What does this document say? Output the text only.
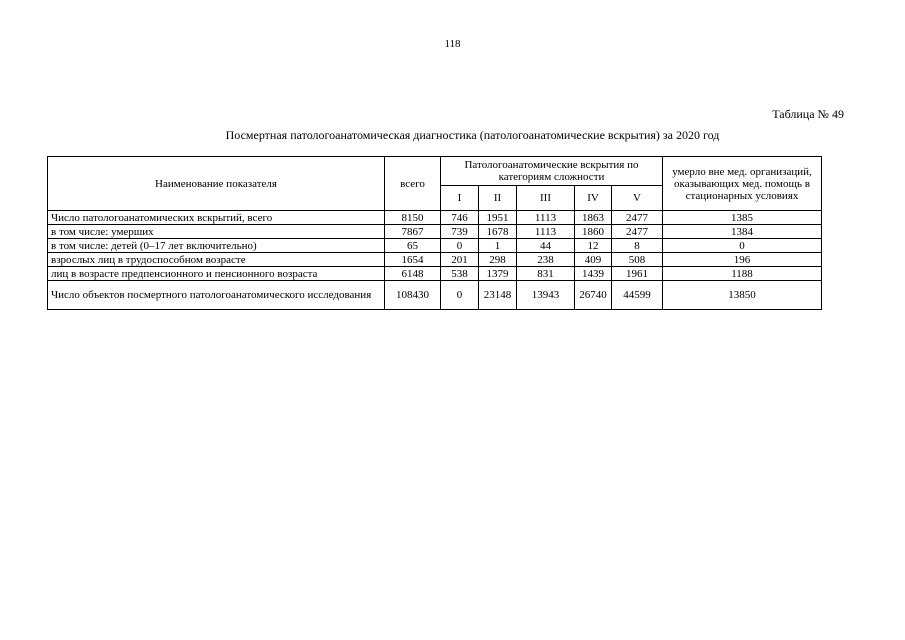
118
Таблица № 49
Посмертная патологоанатомическая диагностика (патологоанатомические вскрытия) за 2020 год
Наименование показателя	всего	Патологоанатомические вскрытия по категориям сложности					умерло вне мед. организаций, оказывающих мед. помощь в стационарных условиях
		I	II	III	IV	V	
Число патологоанатомических вскрытий, всего	8150	746	1951	1113	1863	2477	1385
в том числе: умерших	7867	739	1678	1113	1860	2477	1384
в том числе: детей (0–17 лет включительно)	65	0	1	44	12	8	0
взрослых лиц в трудоспособном возрасте	1654	201	298	238	409	508	196
лиц в возрасте предпенсионного и пенсионного возраста	6148	538	1379	831	1439	1961	1188
Число объектов посмертного патологоанатомического исследования	108430	0	23148	13943	26740	44599	13850
